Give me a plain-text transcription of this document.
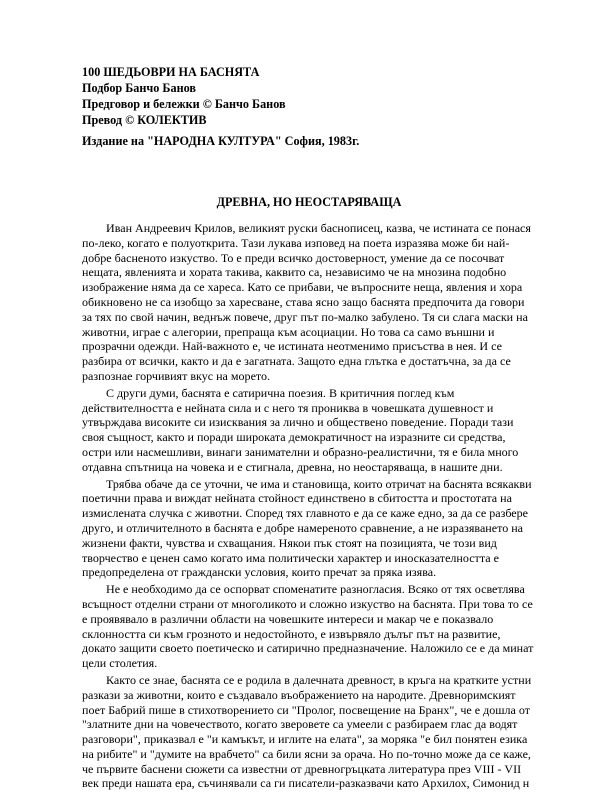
100 ШЕДЬОВРИ НА БАСНЯТА
Подбор Банчо Банов
Предговор и бележки © Банчо Банов
Превод © КОЛЕКТИВ
Издание на "НАРОДНА КУЛТУРА" София, 1983г.
ДРЕВНА, НО НЕОСТАРЯВАЩА

Иван Андреевич Крилов, великият руски баснописец, казва, че истината се понася по-леко, когато е полуоткрита. Тази лукава изповед на поета изразява може би най-добре басненото изкуство. То е преди всичко достоверност, умение да се посочват нещата, явленията и хората такива, каквито са, независимо че на мнозина подобно изображение няма да се хареса. Като се прибави, че въпросните неща, явления и хора обикновено не са изобщо за харесване, става ясно защо баснята предпочита да говори за тях по свой начин, веднъж повече, друг път по-малко забулено. Тя си слага маски на животни, играе с алегории, препраща към асоциации. Но това са само външни и прозрачни одежди. Най-важното е, че истината неотменимо присъства в нея. И се разбира от всички, както и да е загатната. Защото една глътка е достатъчна, за да се разпознае горчивият вкус на морето.

С други думи, баснята е сатирична поезия. В критичния поглед към действителността е нейната сила и с него тя прониква в човешката душевност и утвърждава високите си изисквания за лично и обществено поведение. Поради тази своя същност, както и поради широката демократичност на изразните си средства, остри или насмешливи, винаги занимателни и образно-реалистични, тя е била много отдавна спътница на човека и е стигнала, древна, но неостаряваща, в нашите дни.

Трябва обаче да се уточни, че има и становища, които отричат на баснята всякакви поетични права и виждат нейната стойност единствено в сбитостта и простотата на измислената случка с животни. Според тях главното е да се каже едно, за да се разбере друго, и отличителното в баснята е добре намереното сравнение, а не изразяването на жизнени факти, чувства и схващания. Някои пък стоят на позицията, че този вид творчество е ценен само когато има политически характер и иносказателността е предопределена от граждански условия, които пречат за пряка изява.

Не е необходимо да се оспорват споменатите разногласия. Всяко от тях осветлява всъщност отделни страни от многоликото и сложно изкуство на баснята. При това то се е проявявало в различни области на човешките интереси и макар че е показвало склонността си към грозното и недостойното, е извървяло дълъг път на развитие, докато защити своето поетическо и сатирично предназначение. Наложило се е да минат цели столетия.

Както се знае, баснята се е родила в далечната древност, в кръга на кратките устни разкази за животни, които е създавало въображението на народите. Древноримският поет Бабрий пише в стихотворението си "Пролог, посвещение на Бранх", че е дошла от "златните дни на човечеството, когато зверовете са умеели с разбираем глас да водят разговори", приказвал е "и камъкът, и иглите на елата", за моряка "е бил понятен езика на рибите" и "думите на врабчето" са били ясни за орача. Но по-точно може да се каже, че първите баснени сюжети са известни от древногръцката литература през VIII - VII век преди нашата ера, съчинявали са ги писатели-разказвачи като Архилох, Симонид н
